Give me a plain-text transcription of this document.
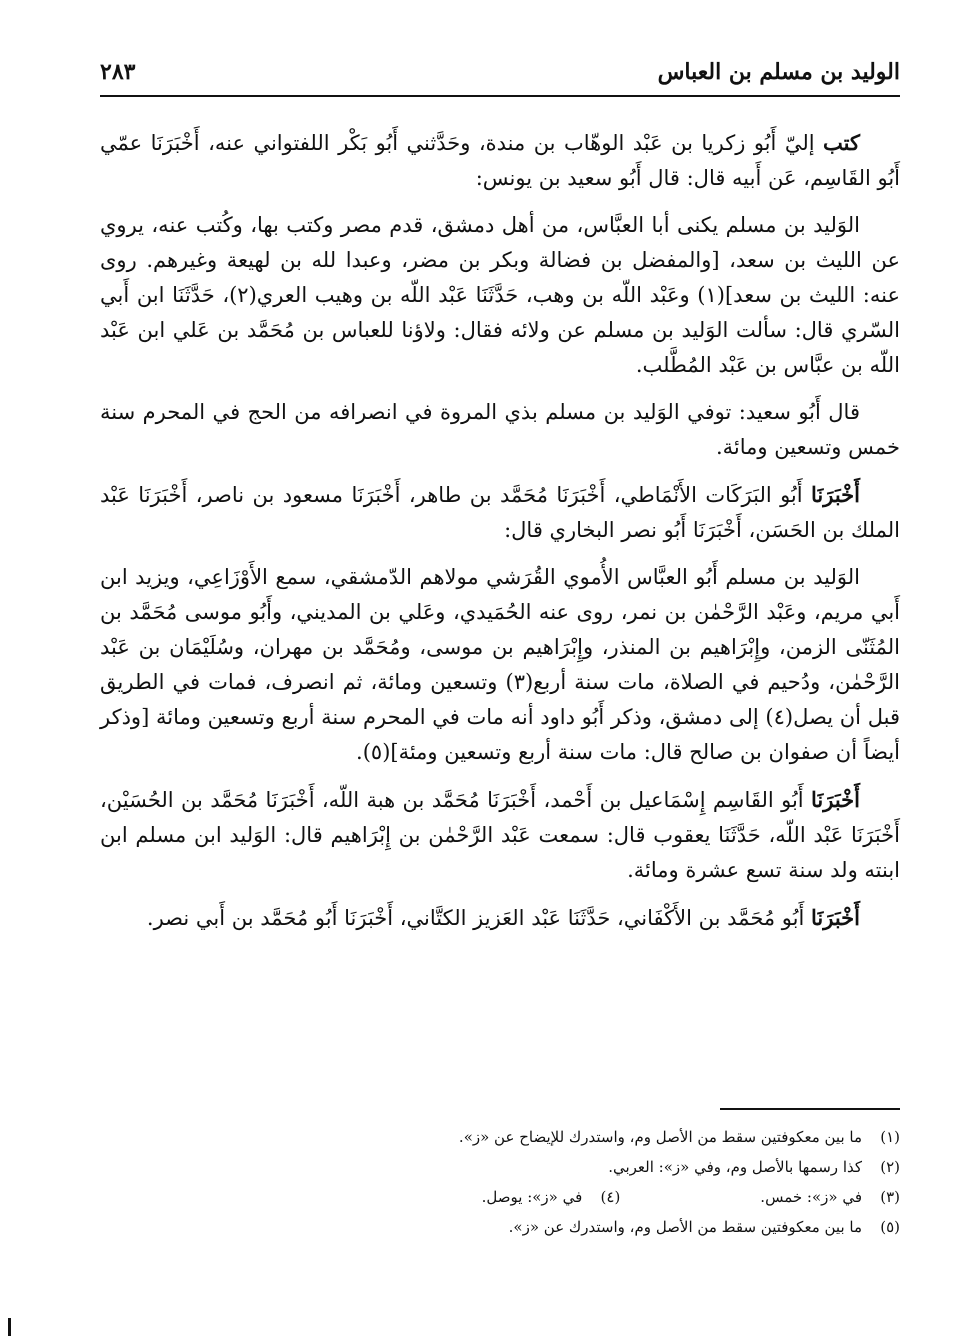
الوليد بن مسلم بن العباس
٢٨٣

كتب إليّ أَبُو زكريا بن عَبْد الوهّاب بن مندة، وحَدَّثني أَبُو بَكْر اللفتواني عنه، أَخْبَرَنَا عمّي أَبُو القَاسِم، عَن أَبيه قال: قال أَبُو سعيد بن يونس:

الوَليد بن مسلم يكنى أبا العبَّاس، من أهل دمشق، قدم مصر وكتب بها، وكُتب عنه، يروي عن الليث بن سعد، [والمفضل بن فضالة وبكر بن مضر، وعبدا لله بن لهيعة وغيرهم. روى عنه: الليث بن سعد](١) وعَبْد اللّه بن وهب، حَدَّثَنَا عَبْد اللّه بن وهيب العري(٢)، حَدَّثَنَا ابن أَبي السّري قال: سألت الوَليد بن مسلم عن ولائه فقال: ولاؤنا للعباس بن مُحَمَّد بن عَلي ابن عَبْد اللّه بن عبَّاس بن عَبْد المُطَّلب.

قال أَبُو سعيد: توفي الوَليد بن مسلم بذي المروة في انصرافه من الحج في المحرم سنة خمس وتسعين ومائة.

أَخْبَرَنَا أَبُو البَرَكَات الأَنْمَاطي، أَخْبَرَنَا مُحَمَّد بن طاهر، أَخْبَرَنَا مسعود بن ناصر، أَخْبَرَنَا عَبْد الملك بن الحَسَن، أَخْبَرَنَا أَبُو نصر البخاري قال:

الوَليد بن مسلم أَبُو العبَّاس الأُموي القُرَشي مولاهم الدّمشقي، سمع الأَوْزَاعِي، ويزيد ابن أَبي مريم، وعَبْد الرَّحْمٰن بن نمر، روى عنه الحُمَيدي، وعَلي بن المديني، وأَبُو موسى مُحَمَّد بن المُثَنّى الزمن، وإِبْرَاهيم بن المنذر، وإِبْرَاهيم بن موسى، ومُحَمَّد بن مهران، وسُلَيْمَان بن عَبْد الرَّحْمٰن، ودُحيم في الصلاة، مات سنة أربع(٣) وتسعين ومائة، ثم انصرف، فمات في الطريق قبل أن يصل(٤) إلى دمشق، وذكر أَبُو داود أنه مات في المحرم سنة أربع وتسعين ومائة [وذكر أيضاً أن صفوان بن صالح قال: مات سنة أربع وتسعين ومئة](٥).

أَخْبَرَنَا أَبُو القَاسِم إِسْمَاعيل بن أَحْمد، أَخْبَرَنَا مُحَمَّد بن هبة اللّه، أَخْبَرَنَا مُحَمَّد بن الحُسَيْن، أَخْبَرَنَا عَبْد اللّه، حَدَّثَنَا يعقوب قال: سمعت عَبْد الرَّحْمٰن بن إِبْرَاهيم قال: الوَليد ابن مسلم ابن ابنته ولد سنة تسع عشرة ومائة.

أَخْبَرَنَا أَبُو مُحَمَّد بن الأَكْفَاني، حَدَّثَنَا عَبْد العَزيز الكتَّاني، أَخْبَرَنَا أَبُو مُحَمَّد بن أَبي نصر.

(١)ما بين معكوفتين سقط من الأصل وم، واستدرك للإيضاح عن «ز».
(٢)كذا رسمها بالأصل وم، وفي «ز»: العربي.
(٣)في «ز»: خمس.(٤)في «ز»: يوصل.
(٥)ما بين معكوفتين سقط من الأصل وم، واستدرك عن «ز».
